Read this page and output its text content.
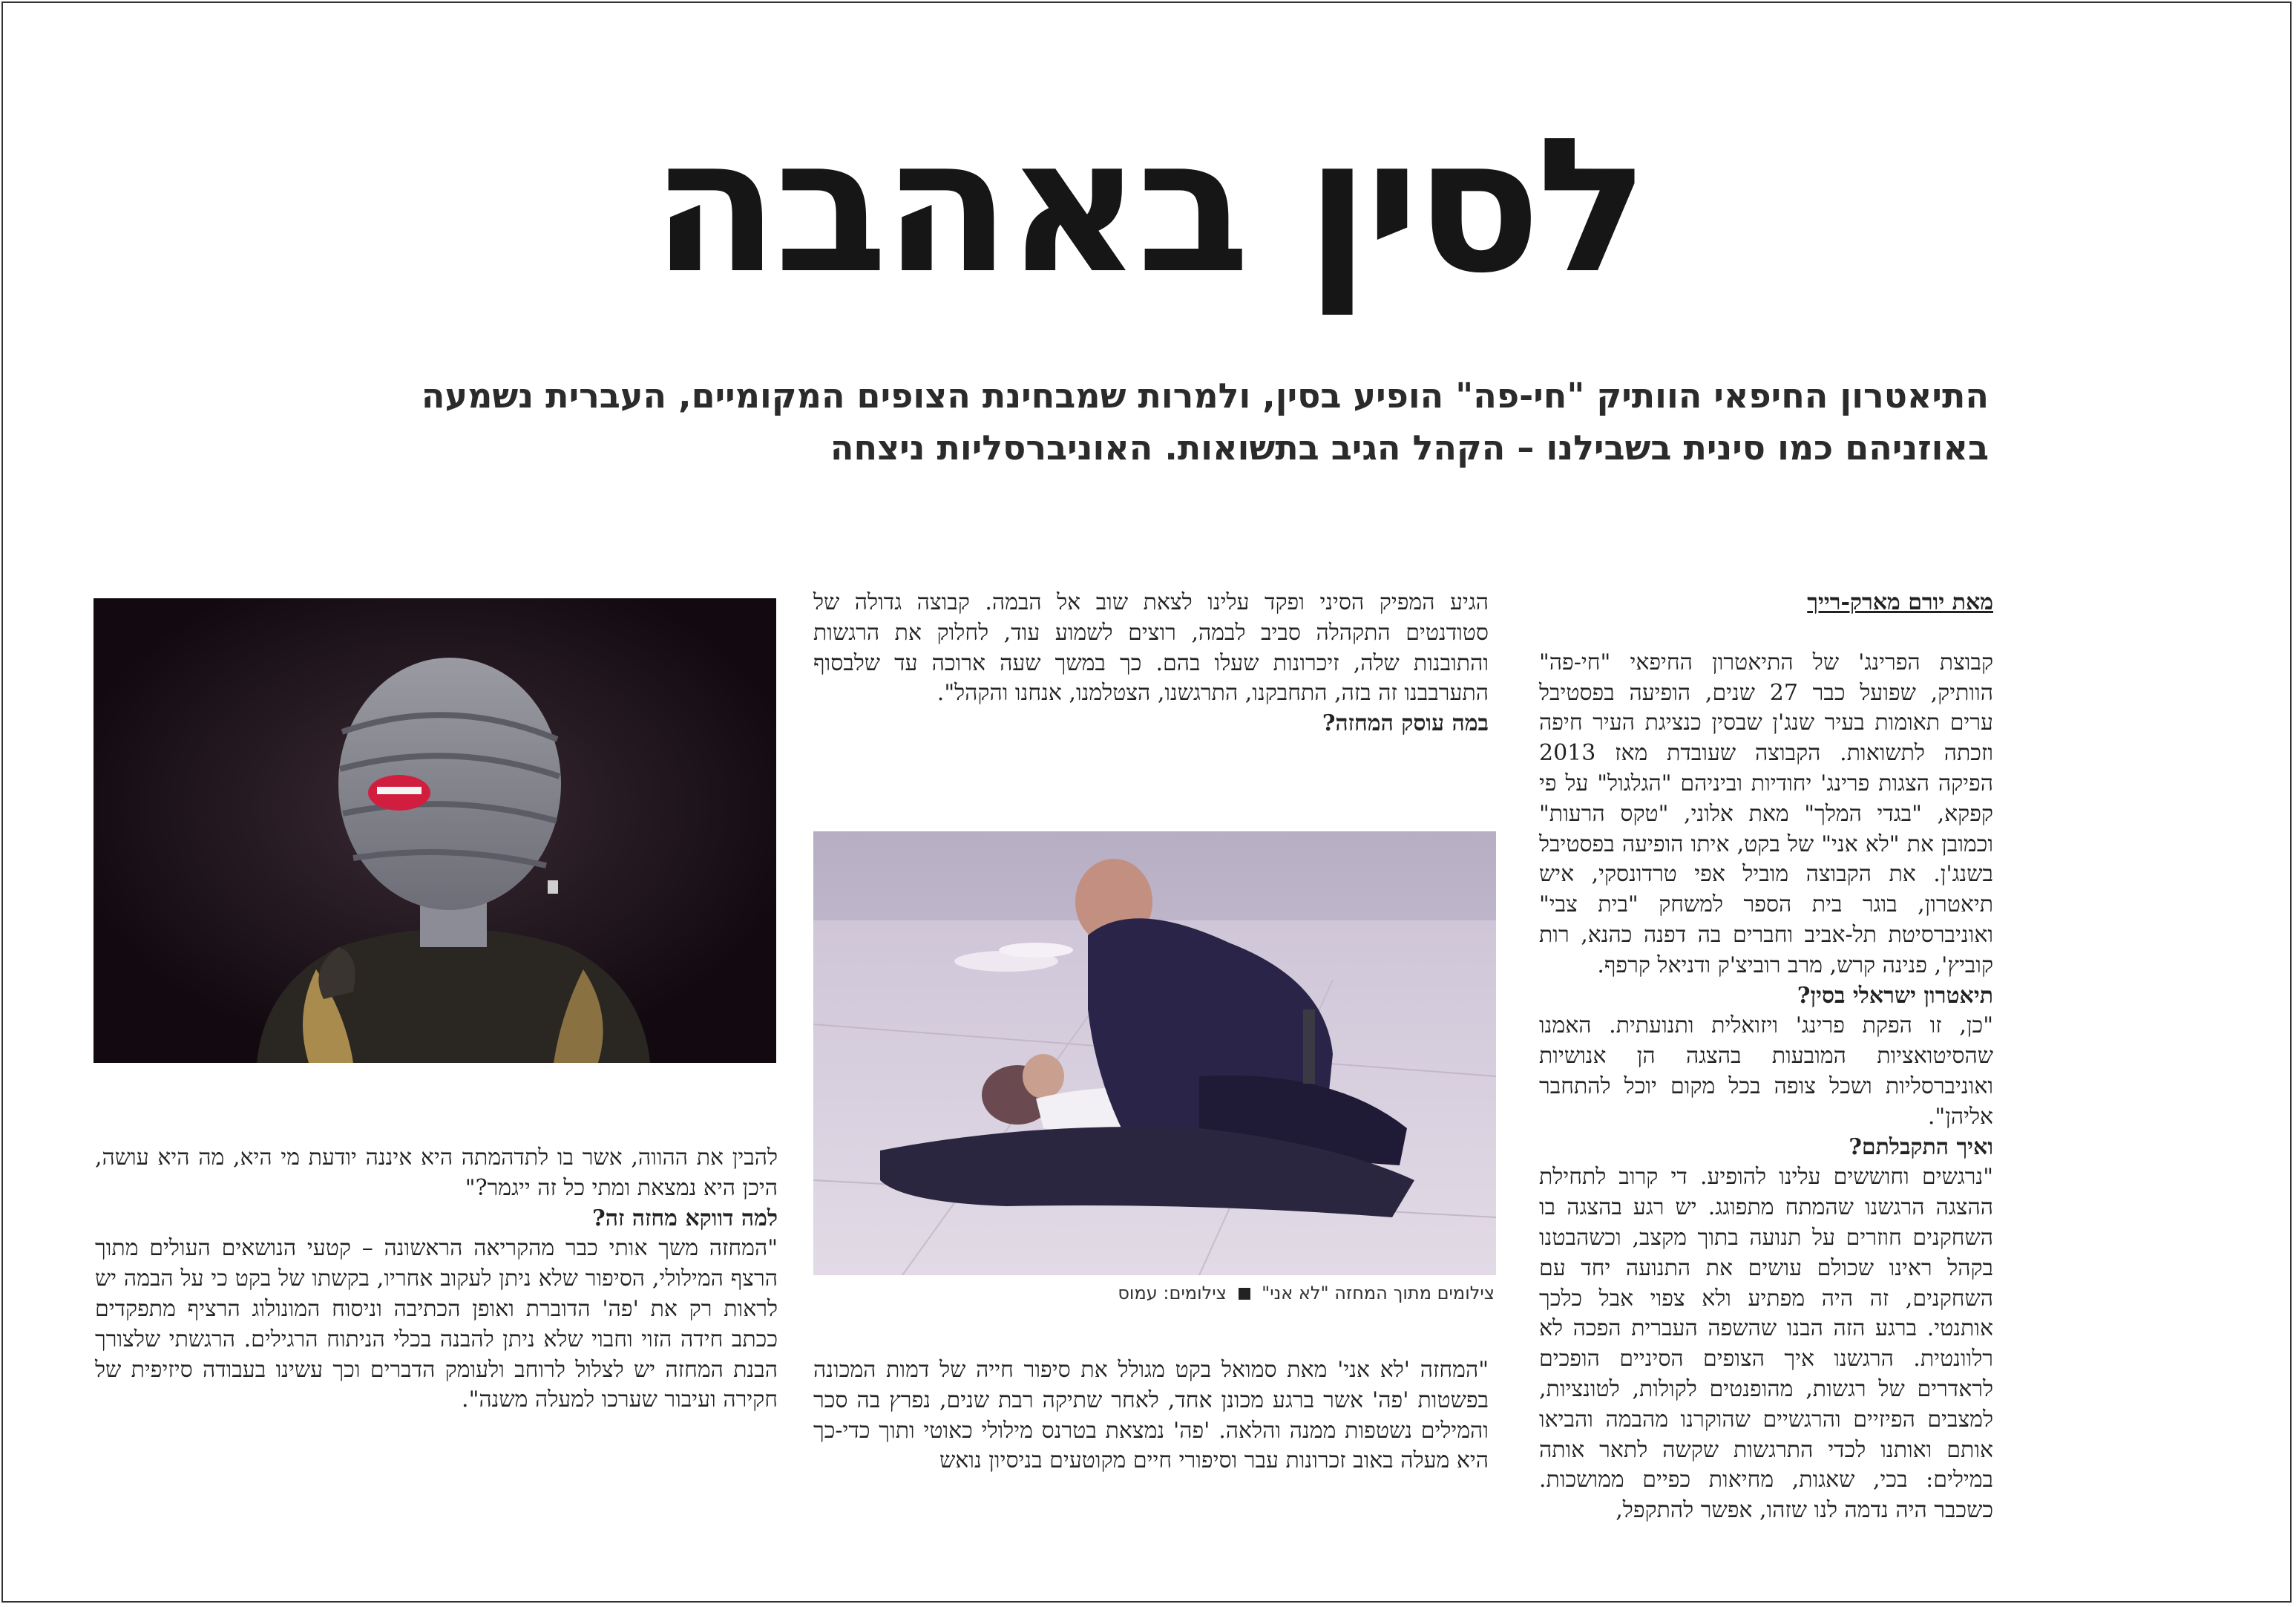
לסין באהבה
התיאטרון החיפאי הוותיק "חי-פה" הופיע בסין, ולמרות שמבחינת הצופים המקומיים, העברית נשמעה באוזניהם כמו סינית בשבילנו – הקהל הגיב בתשואות. האוניברסליות ניצחה

מאת יורם מארק-רייך

קבוצת הפרינג' של התיאטרון החיפאי "חי-פה" הוותיק, שפועל כבר 27 שנים, הופיעה בפסטיבל ערים תאומות בעיר שנג'ן שבסין כנציגת העיר חיפה וזכתה לתשואות. הקבוצה שעובדת מאז 2013 הפיקה הצגות פרינג' יחודיות וביניהם "הגלגול" על פי קפקא, "בגדי המלך" מאת אלוני, "טקס הרעות" וכמובן את "לא אני" של בקט, איתו הופיעה בפסטיבל בשנג'ן. את הקבוצה מוביל אפי טרדונסקי, איש תיאטרון, בוגר בית הספר למשחק "בית צבי" ואוניברסיטת תל-אביב וחברים בה דפנה כהנא, רות קוביץ', פנינה קרש, מרב רוביצ'ק ודניאל קרפף.

תיאטרון ישראלי בסין?

"כן, זו הפקת פרינג' ויזואלית ותנועתית. האמנו שהסיטואציות המובעות בהצגה הן אנושיות ואוניברסליות ושכל צופה בכל מקום יוכל להתחבר אליהן".

ואיך התקבלתם?

"נרגשים וחוששים עלינו להופיע. די קרוב לתחילת ההצגה הרגשנו שהמתח מתפוגג. יש רגע בהצגה בו השחקנים חוזרים על תנועה בתוך מקצב, וכשהבטנו בקהל ראינו שכולם עושים את התנועה יחד עם השחקנים, זה היה מפתיע ולא צפוי אבל כלכך אותנטי. ברגע הזה הבנו שהשפה העברית הפכה לא רלוונטית. הרגשנו איך הצופים הסיניים הופכים לראדרים של רגשות, מהופנטים לקולות, לטונציות, למצבים הפיזיים והרגשיים שהוקרנו מהבמה והביאו אותם ואותנו לכדי התרגשות שקשה לתאר אותה במילים: בכי, שאגות, מחיאות כפיים ממושכות. כשכבר היה נדמה לנו שזהו, אפשר להתקפל,

הגיע המפיק הסיני ופקד עלינו לצאת שוב אל הבמה. קבוצה גדולה של סטודנטים התקהלה סביב לבמה, רוצים לשמוע עוד, לחלוק את הרגשות והתובנות שלה, זיכרונות שעלו בהם. כך במשך שעה ארוכה עד שלבסוף התערבבנו זה בזה, התחבקנו, התרגשנו, הצטלמנו, אנחנו והקהל".

במה עוסק המחזה?

צילומים מתוך המחזה "לא אני"  צילומים: עמוס

"המחזה 'לא אני' מאת סמואל בקט מגולל את סיפור חייה של דמות המכונה בפשטות 'פה' אשר ברגע מכונן אחד, לאחר שתיקה רבת שנים, נפרץ בה סכר והמילים נשטפות ממנה והלאה. 'פה' נמצאת בטרנס מילולי כאוטי ותוך כדי-כך היא מעלה באוב זכרונות עבר וסיפורי חיים מקוטעים בניסיון נואש

להבין את ההווה, אשר בו לתדהמתה היא איננה יודעת מי היא, מה היא עושה, היכן היא נמצאת ומתי כל זה ייגמר?"

למה דווקא מחזה זה?

"המחזה משך אותי כבר מהקריאה הראשונה – קטעי הנושאים העולים מתוך הרצף המילולי, הסיפור שלא ניתן לעקוב אחריו, בקשתו של בקט כי על הבמה יש לראות רק את 'פה' הדוברת ואופן הכתיבה וניסוח המונולוג הרציף מתפקדים ככתב חידה הזוי וחבוי שלא ניתן להבנה בכלי הניתוח הרגילים. הרגשתי שלצורך הבנת המחזה יש לצלול לרוחב ולעומק הדברים וכך עשינו בעבודה סיזיפית של חקירה ועיבור שערכו למעלה משנה".
